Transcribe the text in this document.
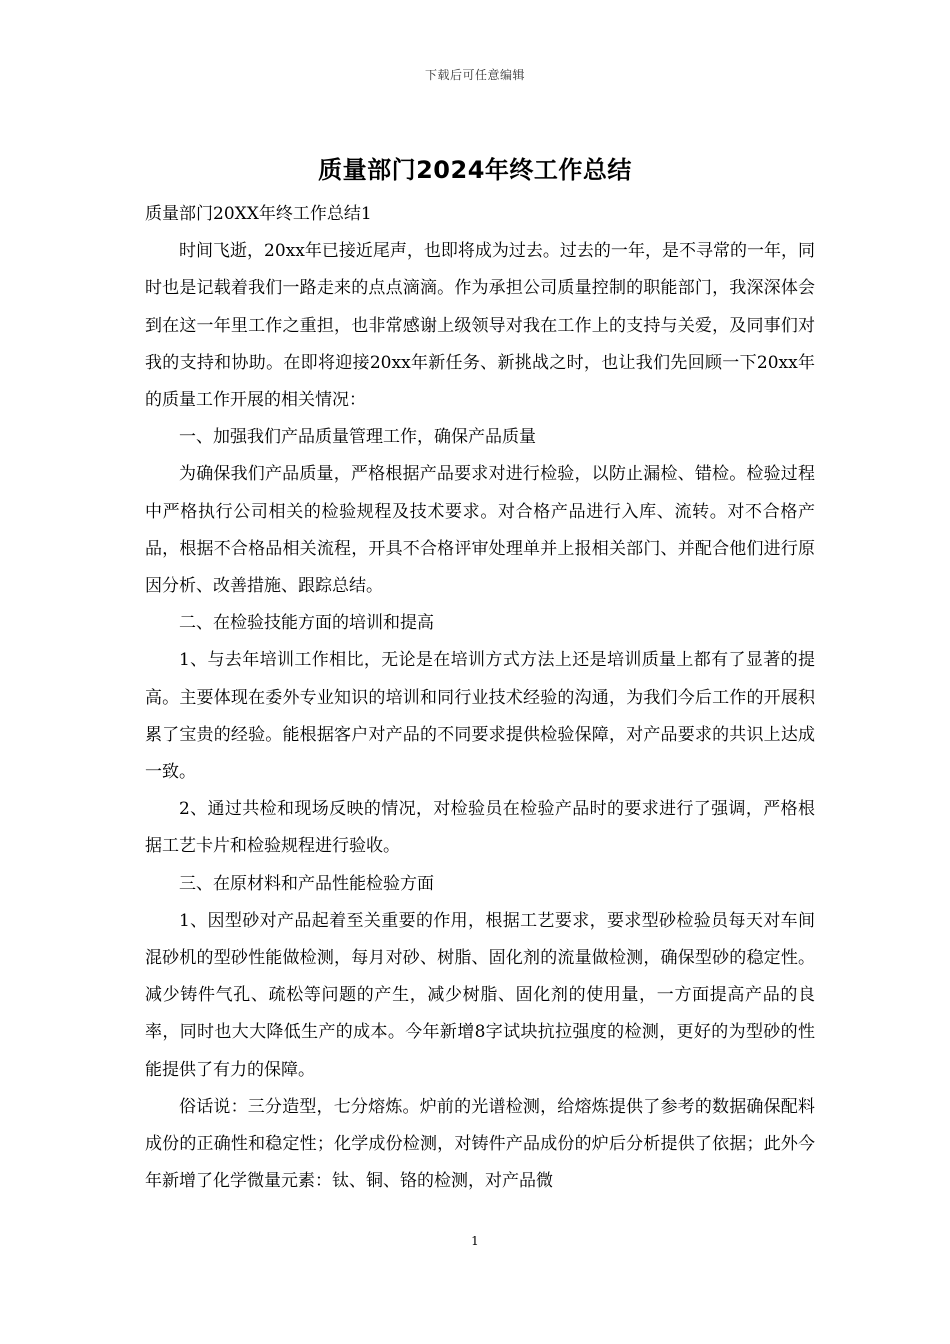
下载后可任意编辑
质量部门2024年终工作总结

质量部门20XX年终工作总结1

时间飞逝，20xx年已接近尾声，也即将成为过去。过去的一年，是不寻常的一年，同时也是记载着我们一路走来的点点滴滴。作为承担公司质量控制的职能部门，我深深体会到在这一年里工作之重担，也非常感谢上级领导对我在工作上的支持与关爱，及同事们对我的支持和协助。在即将迎接20xx年新任务、新挑战之时，也让我们先回顾一下20xx年的质量工作开展的相关情况：

一、加强我们产品质量管理工作，确保产品质量

为确保我们产品质量，严格根据产品要求对进行检验，以防止漏检、错检。检验过程中严格执行公司相关的检验规程及技术要求。对合格产品进行入库、流转。对不合格产品，根据不合格品相关流程，开具不合格评审处理单并上报相关部门、并配合他们进行原因分析、改善措施、跟踪总结。

二、在检验技能方面的培训和提高

1、与去年培训工作相比，无论是在培训方式方法上还是培训质量上都有了显著的提高。主要体现在委外专业知识的培训和同行业技术经验的沟通，为我们今后工作的开展积累了宝贵的经验。能根据客户对产品的不同要求提供检验保障，对产品要求的共识上达成一致。

2、通过共检和现场反映的情况，对检验员在检验产品时的要求进行了强调，严格根据工艺卡片和检验规程进行验收。

三、在原材料和产品性能检验方面

1、因型砂对产品起着至关重要的作用，根据工艺要求，要求型砂检验员每天对车间混砂机的型砂性能做检测，每月对砂、树脂、固化剂的流量做检测，确保型砂的稳定性。减少铸件气孔、疏松等问题的产生，减少树脂、固化剂的使用量，一方面提高产品的良率，同时也大大降低生产的成本。今年新增8字试块抗拉强度的检测，更好的为型砂的性能提供了有力的保障。

俗话说：三分造型，七分熔炼。炉前的光谱检测，给熔炼提供了参考的数据确保配料成份的正确性和稳定性；化学成份检测，对铸件产品成份的炉后分析提供了依据；此外今年新增了化学微量元素：钛、铜、铬的检测，对产品微

1
